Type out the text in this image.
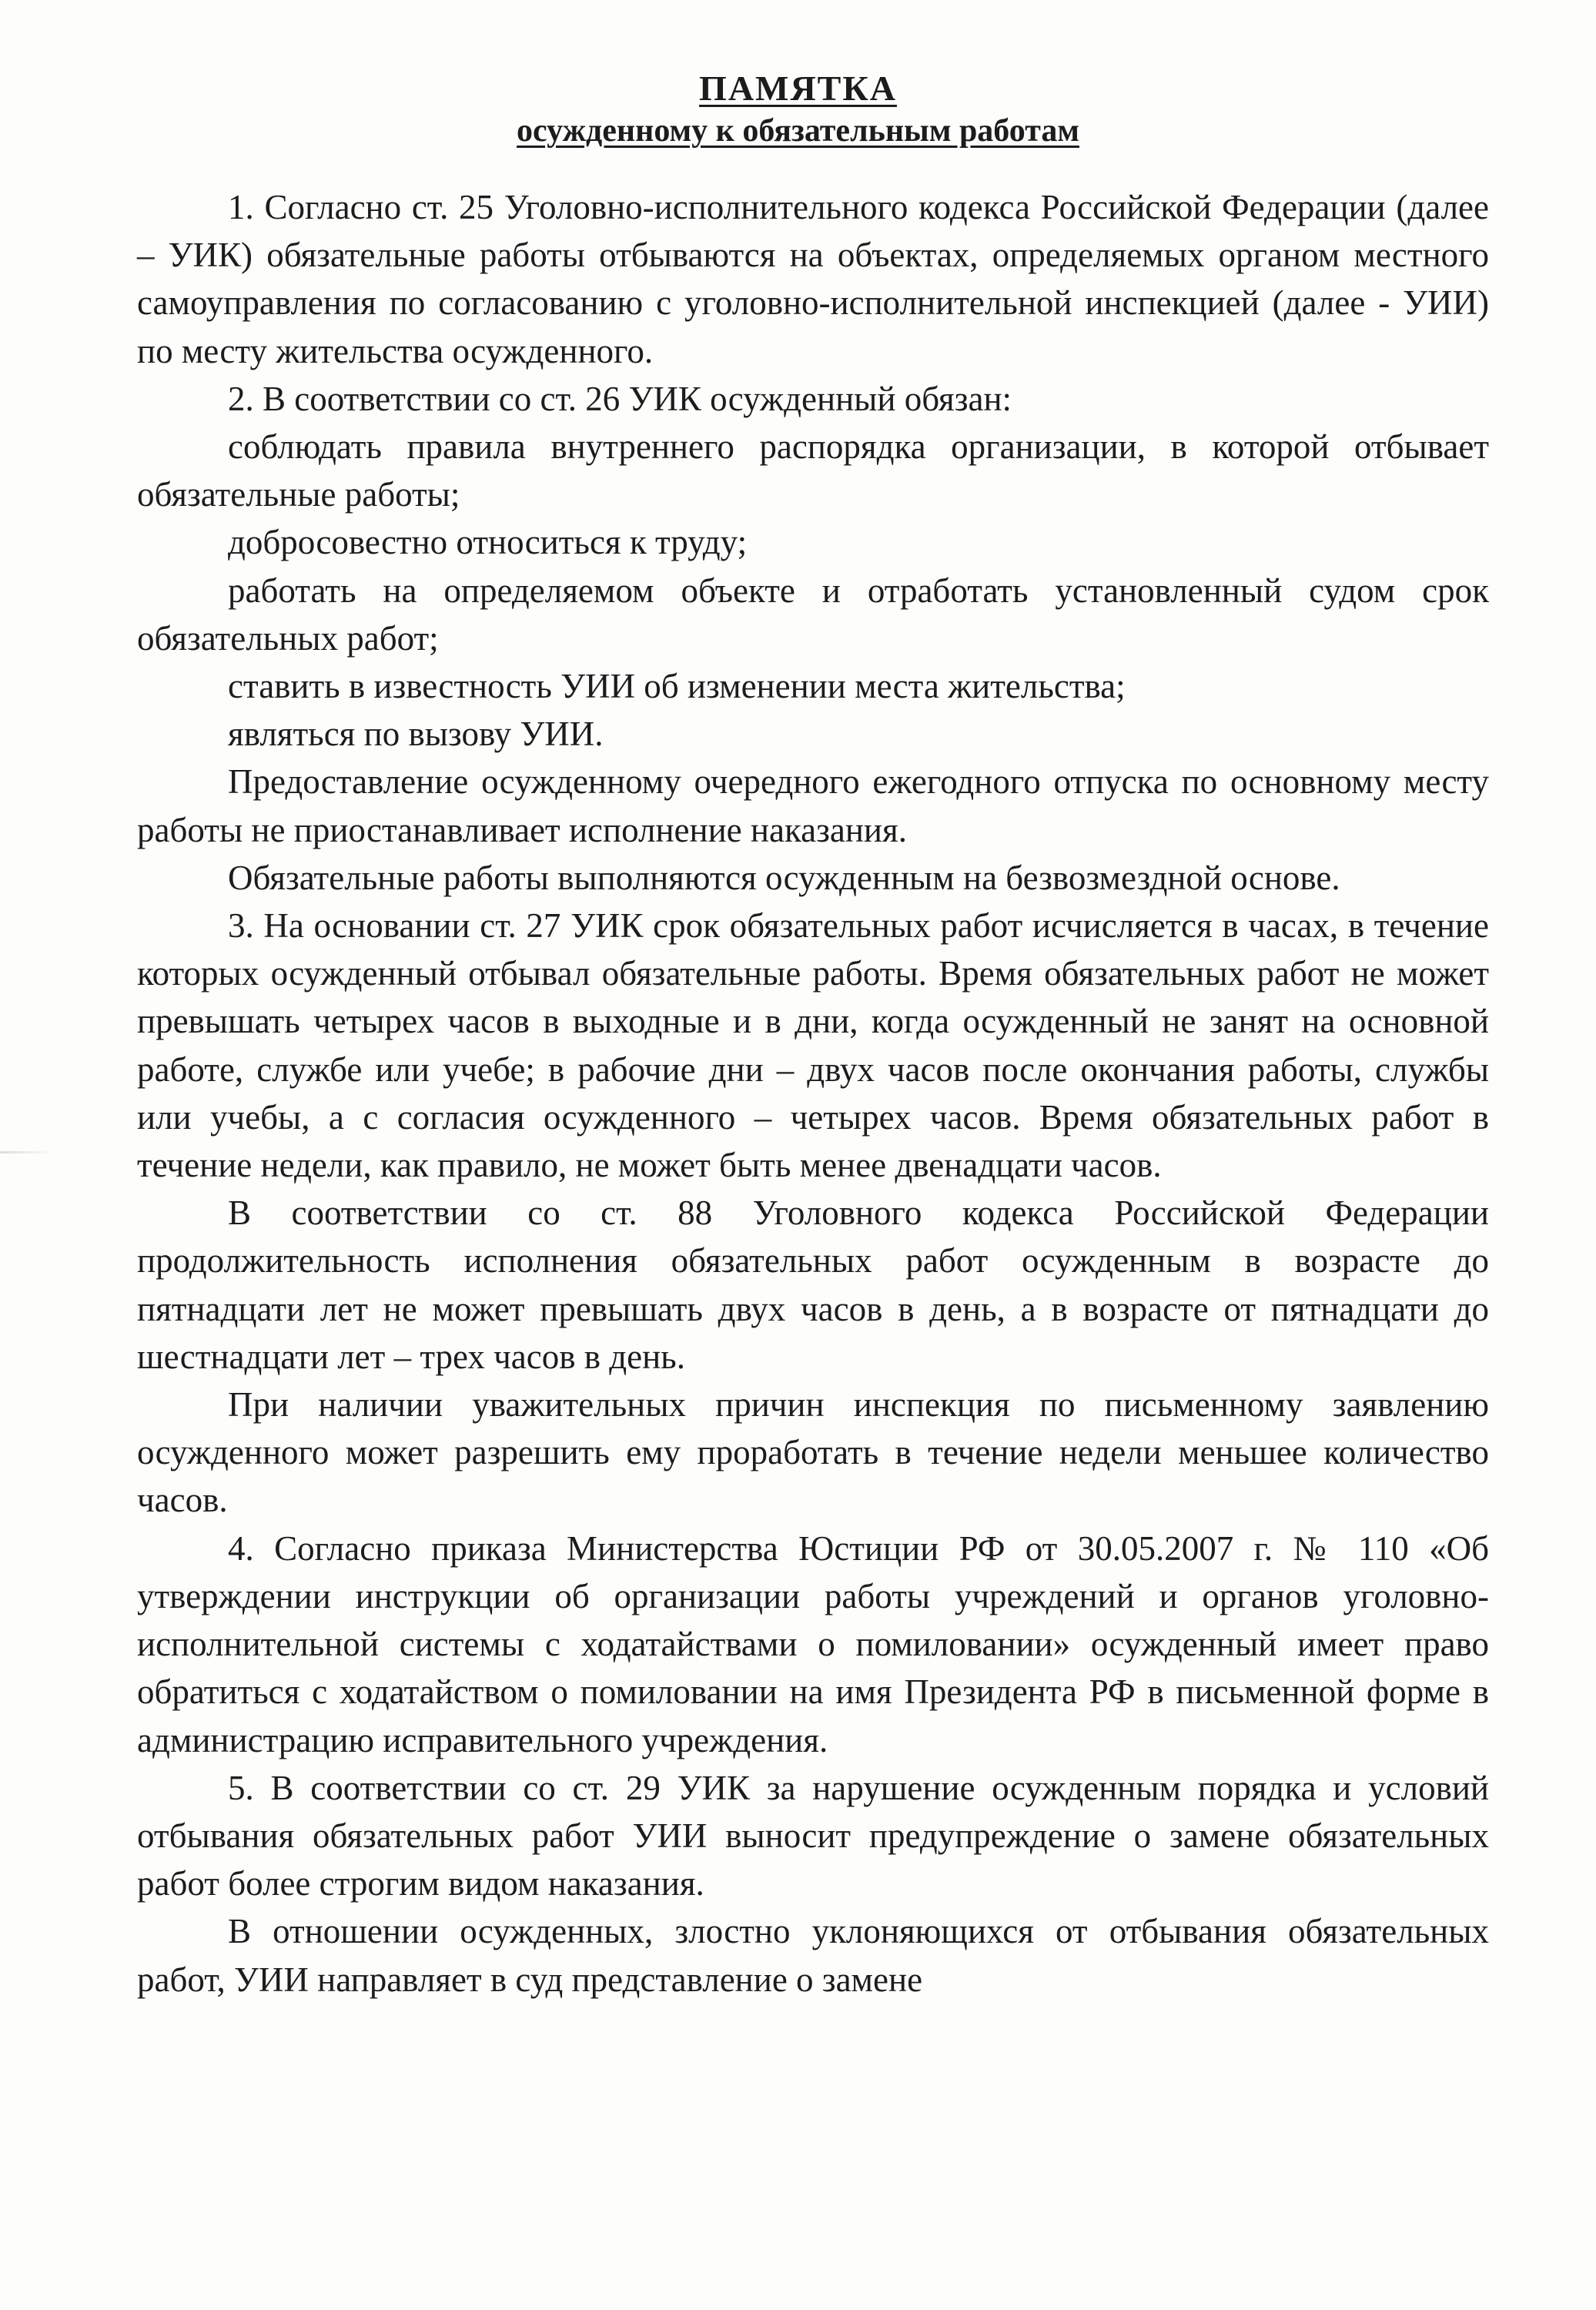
ПАМЯТКА
осужденному к обязательным работам

1. Согласно ст. 25 Уголовно-исполнительного кодекса Российской Федерации (далее – УИК) обязательные работы отбываются на объектах, определяемых органом местного самоуправления по согласованию с уголовно-исполнительной инспекцией (далее - УИИ) по месту жительства осужденного.

2. В соответствии со ст. 26 УИК осужденный обязан:

соблюдать правила внутреннего распорядка организации, в которой отбывает обязательные работы;

добросовестно относиться к труду;

работать на определяемом объекте и отработать установленный судом срок обязательных работ;

ставить в известность УИИ об изменении места жительства;

являться по вызову УИИ.

Предоставление осужденному очередного ежегодного отпуска по основному месту работы не приостанавливает исполнение наказания.

Обязательные работы выполняются осужденным на безвозмездной основе.

3. На основании ст. 27 УИК срок обязательных работ исчисляется в часах, в течение которых осужденный отбывал обязательные работы. Время обязательных работ не может превышать четырех часов в выходные и в дни, когда осужденный не занят на основной работе, службе или учебе; в рабочие дни – двух часов после окончания работы, службы или учебы, а с согласия осужденного – четырех часов. Время обязательных работ в течение недели, как правило, не может быть менее двенадцати часов.

В соответствии со ст. 88 Уголовного кодекса Российской Федерации продолжительность исполнения обязательных работ осужденным в возрасте до пятнадцати лет не может превышать двух часов в день, а в возрасте от пятнадцати до шестнадцати лет – трех часов в день.

При наличии уважительных причин инспекция по письменному заявлению осужденного может разрешить ему проработать в течение недели меньшее количество часов.

4. Согласно приказа Министерства Юстиции РФ от 30.05.2007 г. № 110 «Об утверждении инструкции об организации работы учреждений и органов уголовно-исполнительной системы с ходатайствами о помиловании» осужденный имеет право обратиться с ходатайством о помиловании на имя Президента РФ в письменной форме в администрацию исправительного учреждения.

5. В соответствии со ст. 29 УИК за нарушение осужденным порядка и условий отбывания обязательных работ УИИ выносит предупреждение о замене обязательных работ более строгим видом наказания.

В отношении осужденных, злостно уклоняющихся от отбывания обязательных работ, УИИ направляет в суд представление о замене
